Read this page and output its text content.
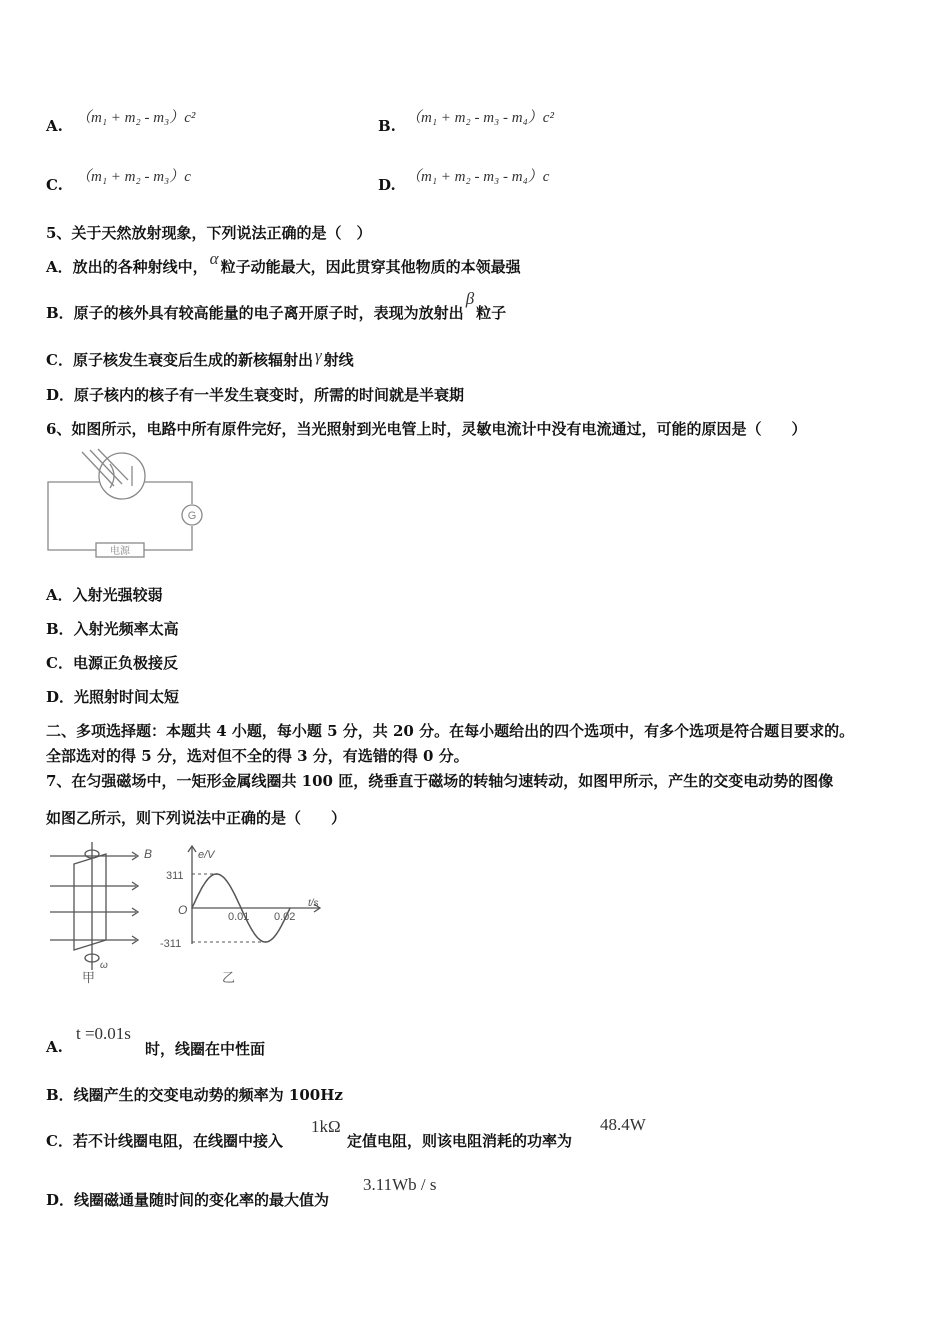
A. （m₁ + m₂ - m₃）c²	B. （m₁ + m₂ - m₃ - m₄）c²
C. （m₁ + m₂ - m₃）c	D. （m₁ + m₂ - m₃ - m₄）c
5、关于天然放射现象，下列说法正确的是（　）
A．放出的各种射线中， α 粒子动能最大，因此贯穿其他物质的本领最强
B．原子的核外具有较高能量的电子离开原子时，表现为放射出β粒子
C．原子核发生衰变后生成的新核辐射出 γ 射线
D．原子核内的核子有一半发生衰变时，所需的时间就是半衰期
6、如图所示，电路中所有原件完好，当光照射到光电管上时，灵敏电流计中没有电流通过，可能的原因是（　　）
G
电源
A．入射光强较弱
B．入射光频率太高
C．电源正负极接反
D．光照射时间太短
二、多项选择题：本题共 4 小题，每小题 5 分，共 20 分。在每小题给出的四个选项中，有多个选项是符合题目要求的。
全部选对的得 5 分，选对但不全的得 3 分，有选错的得 0 分。
7、在匀强磁场中，一矩形金属线圈共 100 匝，绕垂直于磁场的转轴匀速转动，如图甲所示，产生的交变电动势的图像
如图乙所示，则下列说法中正确的是（　　）
B
ω
甲
311
-311
O	0.01 0.02
e/V
t/s
乙
A.
t =0.01s
时，线圈在中性面
B．线圈产生的交变电动势的频率为 100Hz
C．若不计线圈电阻，在线圈中接入
1kΩ
定值电阻，则该电阻消耗的功率为
48.4W
D．线圈磁通量随时间的变化率的最大值为
3.11Wb / s
